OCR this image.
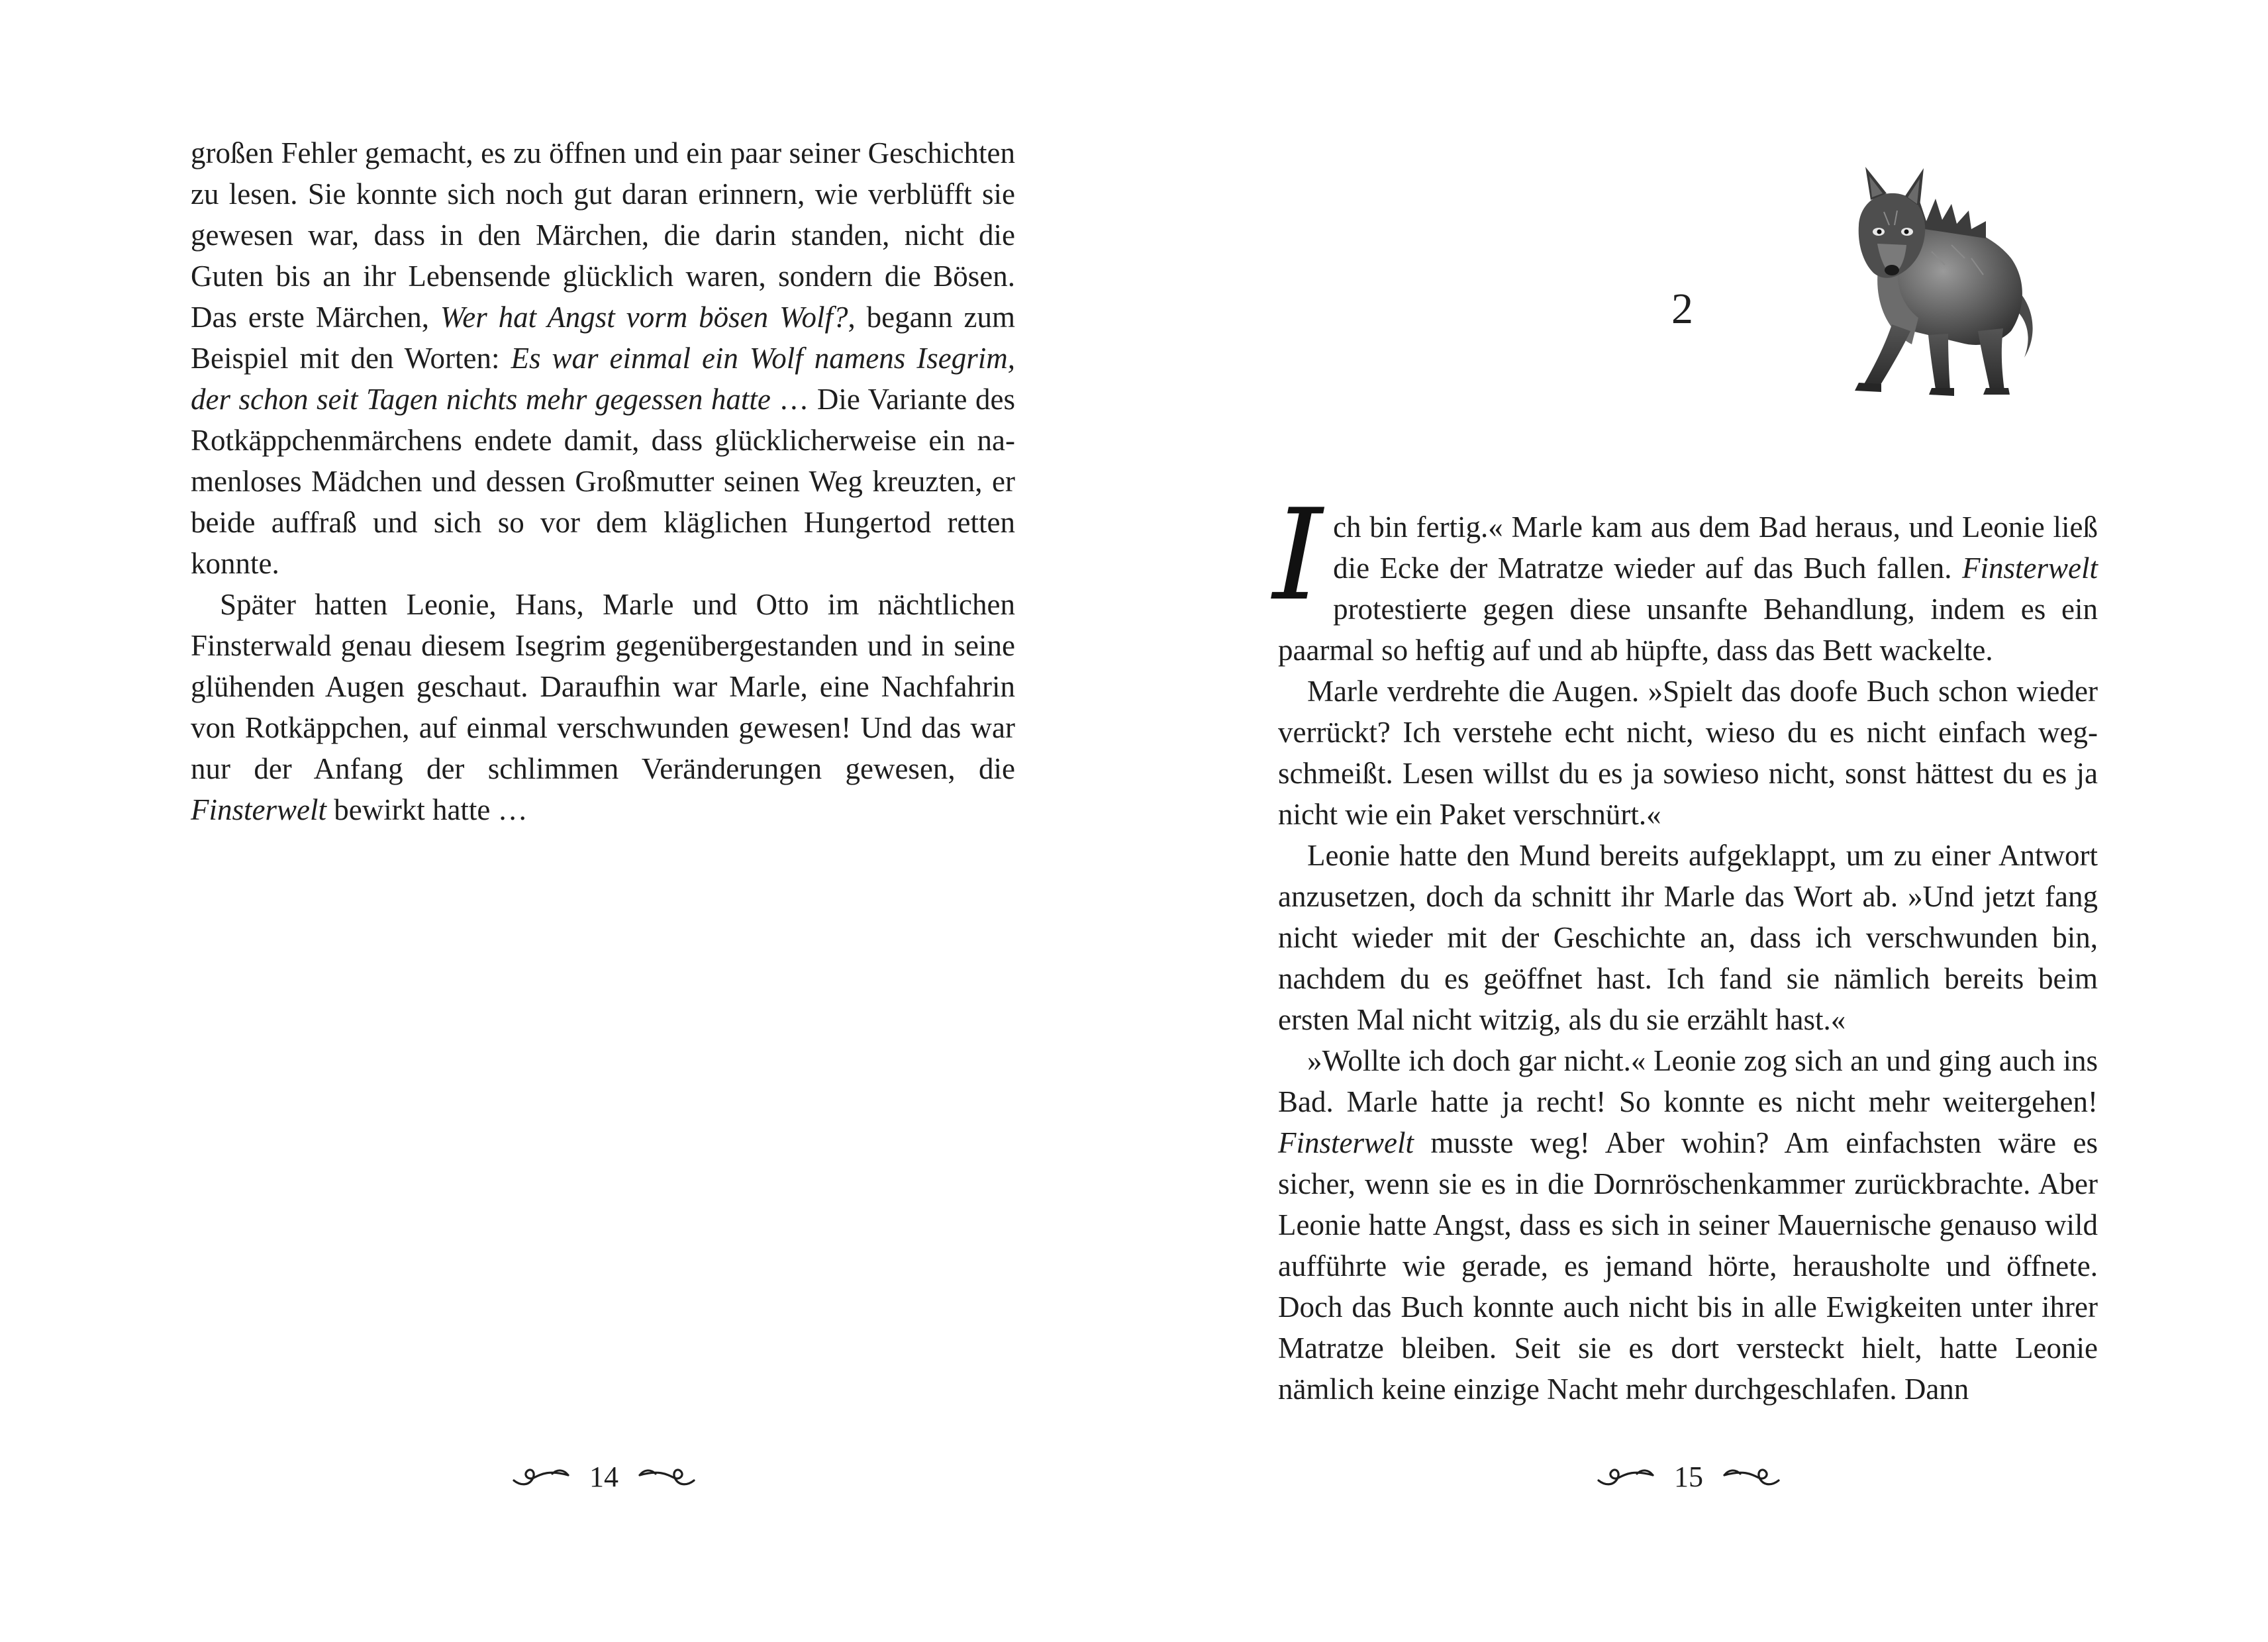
großen Fehler gemacht, es zu öffnen und ein paar seiner Geschichten zu lesen. Sie konnte sich noch gut daran erinnern, wie verblüfft sie gewesen war, dass in den Märchen, die darin standen, nicht die Guten bis an ihr Lebensende glücklich waren, sondern die Bösen. Das erste Märchen, Wer hat Angst vorm bösen Wolf?, begann zum Beispiel mit den Worten: Es war einmal ein Wolf namens Isegrim, der schon seit Tagen nichts mehr gegessen hatte … Die Variante des Rotkäppchenmärchens endete damit, dass glücklicherweise ein namenloses Mädchen und dessen Großmutter seinen Weg kreuzten, er beide auffraß und sich so vor dem kläglichen Hungertod retten konnte.

Später hatten Leonie, Hans, Marle und Otto im nächtlichen Finsterwald genau diesem Isegrim gegenübergestanden und in seine glühenden Augen geschaut. Daraufhin war Marle, eine Nachfahrin von Rotkäppchen, auf einmal verschwunden gewesen! Und das war nur der Anfang der schlimmen Veränderungen gewesen, die Finsterwelt bewirkt hatte …

14
2

Ich bin fertig.« Marle kam aus dem Bad heraus, und Leonie ließ die Ecke der Matratze wieder auf das Buch fallen. Finsterwelt protestierte gegen diese unsanfte Behandlung, indem es ein paarmal so heftig auf und ab hüpfte, dass das Bett wackelte.

Marle verdrehte die Augen. »Spielt das doofe Buch schon wieder verrückt? Ich verstehe echt nicht, wieso du es nicht einfach wegschmeißt. Lesen willst du es ja sowieso nicht, sonst hättest du es ja nicht wie ein Paket verschnürt.«

Leonie hatte den Mund bereits aufgeklappt, um zu einer Antwort anzusetzen, doch da schnitt ihr Marle das Wort ab. »Und jetzt fang nicht wieder mit der Geschichte an, dass ich verschwunden bin, nachdem du es geöffnet hast. Ich fand sie nämlich bereits beim ersten Mal nicht witzig, als du sie erzählt hast.«

»Wollte ich doch gar nicht.« Leonie zog sich an und ging auch ins Bad. Marle hatte ja recht! So konnte es nicht mehr weitergehen! Finsterwelt musste weg! Aber wohin? Am einfachsten wäre es sicher, wenn sie es in die Dornröschenkammer zurückbrachte. Aber Leonie hatte Angst, dass es sich in seiner Mauernische genauso wild aufführte wie gerade, es jemand hörte, herausholte und öffnete. Doch das Buch konnte auch nicht bis in alle Ewigkeiten unter ihrer Matratze bleiben. Seit sie es dort versteckt hielt, hatte Leonie nämlich keine einzige Nacht mehr durchgeschlafen. Dann

15
